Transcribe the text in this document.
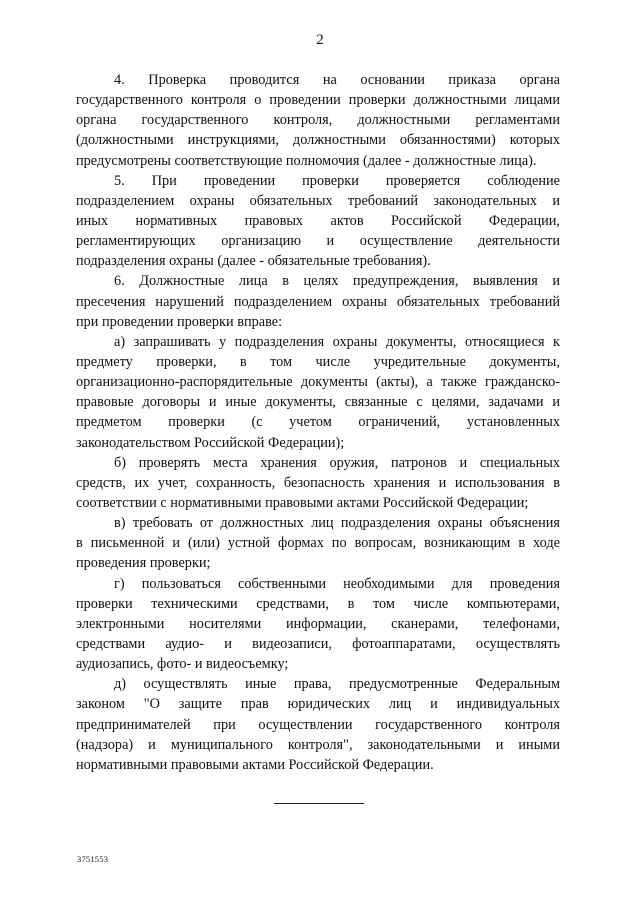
2
4. Проверка проводится на основании приказа органа
государственного контроля о проведении проверки должностными лицами
органа государственного контроля, должностными регламентами
(должностными инструкциями, должностными обязанностями) которых
предусмотрены соответствующие полномочия (далее - должностные лица).
5. При проведении проверки проверяется соблюдение
подразделением охраны обязательных требований законодательных и
иных нормативных правовых актов Российской Федерации,
регламентирующих организацию и осуществление деятельности
подразделения охраны (далее - обязательные требования).
6. Должностные лица в целях предупреждения, выявления и
пресечения нарушений подразделением охраны обязательных требований
при проведении проверки вправе:
а) запрашивать у подразделения охраны документы, относящиеся к
предмету проверки, в том числе учредительные документы,
организационно-распорядительные документы (акты), а также гражданско-
правовые договоры и иные документы, связанные с целями, задачами и
предметом проверки (с учетом ограничений, установленных
законодательством Российской Федерации);
б) проверять места хранения оружия, патронов и специальных
средств, их учет, сохранность, безопасность хранения и использования в
соответствии с нормативными правовыми актами Российской Федерации;
в) требовать от должностных лиц подразделения охраны объяснения
в письменной и (или) устной формах по вопросам, возникающим в ходе
проведения проверки;
г) пользоваться собственными необходимыми для проведения
проверки техническими средствами, в том числе компьютерами,
электронными носителями информации, сканерами, телефонами,
средствами аудио- и видеозаписи, фотоаппаратами, осуществлять
аудиозапись, фото- и видеосъемку;
д) осуществлять иные права, предусмотренные Федеральным
законом "О защите прав юридических лиц и индивидуальных
предпринимателей при осуществлении государственного контроля
(надзора) и муниципального контроля", законодательными и иными
нормативными правовыми актами Российской Федерации.
3751553
